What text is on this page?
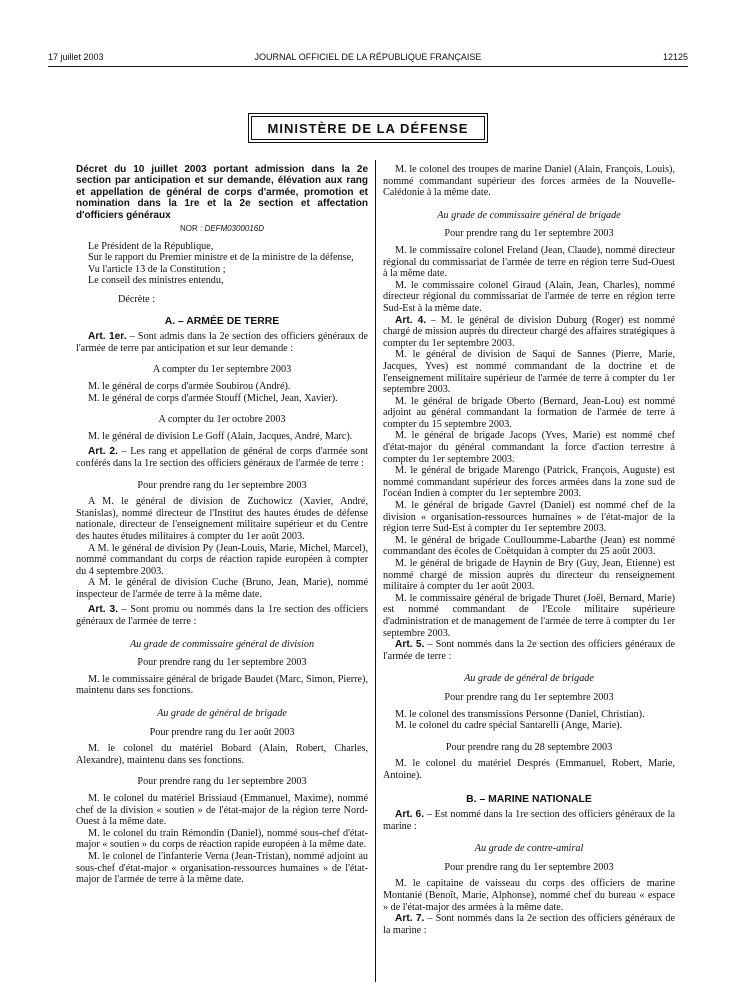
17 juillet 2003	JOURNAL OFFICIEL DE LA RÉPUBLIQUE FRANÇAISE	12125
MINISTÈRE DE LA DÉFENSE

Décret du 10 juillet 2003 portant admission dans la 2e section par anticipation et sur demande, élévation aux rang et appellation de général de corps d'armée, promotion et nomination dans la 1re et la 2e section et affectation d'officiers généraux

NOR : DEFM0300016D

Le Président de la République,

Sur le rapport du Premier ministre et de la ministre de la défense,

Vu l'article 13 de la Constitution ;

Le conseil des ministres entendu,

Décrète :

A. – ARMÉE DE TERRE

Art. 1er. – Sont admis dans la 2e section des officiers généraux de l'armée de terre par anticipation et sur leur demande :

A compter du 1er septembre 2003

M. le général de corps d'armée Soubirou (André).

M. le général de corps d'armée Stouff (Michel, Jean, Xavier).

A compter du 1er octobre 2003

M. le général de division Le Goff (Alain, Jacques, André, Marc).

Art. 2. – Les rang et appellation de général de corps d'armée sont conférés dans la 1re section des officiers généraux de l'armée de terre :

Pour prendre rang du 1er septembre 2003

A M. le général de division de Zuchowicz (Xavier, André, Stanislas), nommé directeur de l'Institut des hautes études de défense nationale, directeur de l'enseignement militaire supérieur et du Centre des hautes études militaires à compter du 1er août 2003.

A M. le général de division Py (Jean-Louis, Marie, Michel, Marcel), nommé commandant du corps de réaction rapide européen à compter du 4 septembre 2003.

A M. le général de division Cuche (Bruno, Jean, Marie), nommé inspecteur de l'armée de terre à la même date.

Art. 3. – Sont promu ou nommés dans la 1re section des officiers généraux de l'armée de terre :

Au grade de commissaire général de division

Pour prendre rang du 1er septembre 2003

M. le commissaire général de brigade Baudet (Marc, Simon, Pierre), maintenu dans ses fonctions.

Au grade de général de brigade

Pour prendre rang du 1er août 2003

M. le colonel du matériel Bobard (Alain, Robert, Charles, Alexandre), maintenu dans ses fonctions.

Pour prendre rang du 1er septembre 2003

M. le colonel du matériel Brissiaud (Emmanuel, Maxime), nommé chef de la division « soutien » de l'état-major de la région terre Nord-Ouest à la même date.

M. le colonel du train Rémondin (Daniel), nommé sous-chef d'état-major « soutien » du corps de réaction rapide européen à la même date.

M. le colonel de l'infanterie Verna (Jean-Tristan), nommé adjoint au sous-chef d'état-major « organisation-ressources humaines » de l'état-major de l'armée de terre à la même date.

M. le colonel des troupes de marine Daniel (Alain, François, Louis), nommé commandant supérieur des forces armées de la Nouvelle-Calédonie à la même date.

Au grade de commissaire général de brigade

Pour prendre rang du 1er septembre 2003

M. le commissaire colonel Freland (Jean, Claude), nommé directeur régional du commissariat de l'armée de terre en région terre Sud-Ouest à la même date.

M. le commissaire colonel Giraud (Alain, Jean, Charles), nommé directeur régional du commissariat de l'armée de terre en région terre Sud-Est à la même date.

Art. 4. – M. le général de division Duburg (Roger) est nommé chargé de mission auprès du directeur chargé des affaires stratégiques à compter du 1er septembre 2003.

M. le général de division de Saqui de Sannes (Pierre, Marie, Jacques, Yves) est nommé commandant de la doctrine et de l'enseignement militaire supérieur de l'armée de terre à compter du 1er septembre 2003.

M. le général de brigade Oberto (Bernard, Jean-Lou) est nommé adjoint au général commandant la formation de l'armée de terre à compter du 15 septembre 2003.

M. le général de brigade Jacops (Yves, Marie) est nommé chef d'état-major du général commandant la force d'action terrestre à compter du 1er septembre 2003.

M. le général de brigade Marengo (Patrick, François, Auguste) est nommé commandant supérieur des forces armées dans la zone sud de l'océan Indien à compter du 1er septembre 2003.

M. le général de brigade Gavrel (Daniel) est nommé chef de la division « organisation-ressources humaines » de l'état-major de la région terre Sud-Est à compter du 1er septembre 2003.

M. le général de brigade Coulloumme-Labarthe (Jean) est nommé commandant des écoles de Coëtquidan à compter du 25 août 2003.

M. le général de brigade de Haynin de Bry (Guy, Jean, Etienne) est nommé chargé de mission auprès du directeur du renseignement militaire à compter du 1er août 2003.

M. le commissaire général de brigade Thuret (Joël, Bernard, Marie) est nommé commandant de l'Ecole militaire supérieure d'administration et de management de l'armée de terre à compter du 1er septembre 2003.

Art. 5. – Sont nommés dans la 2e section des officiers généraux de l'armée de terre :

Au grade de général de brigade

Pour prendre rang du 1er septembre 2003

M. le colonel des transmissions Personne (Daniel, Christian).

M. le colonel du cadre spécial Santarelli (Ange, Marie).

Pour prendre rang du 28 septembre 2003

M. le colonel du matériel Després (Emmanuel, Robert, Marie, Antoine).

B. – MARINE NATIONALE

Art. 6. – Est nommé dans la 1re section des officiers généraux de la marine :

Au grade de contre-amiral

Pour prendre rang du 1er septembre 2003

M. le capitaine de vaisseau du corps des officiers de marine Montanié (Benoît, Marie, Alphonse), nommé chef du bureau « espace » de l'état-major des armées à la même date.

Art. 7. – Sont nommés dans la 2e section des officiers généraux de la marine :
